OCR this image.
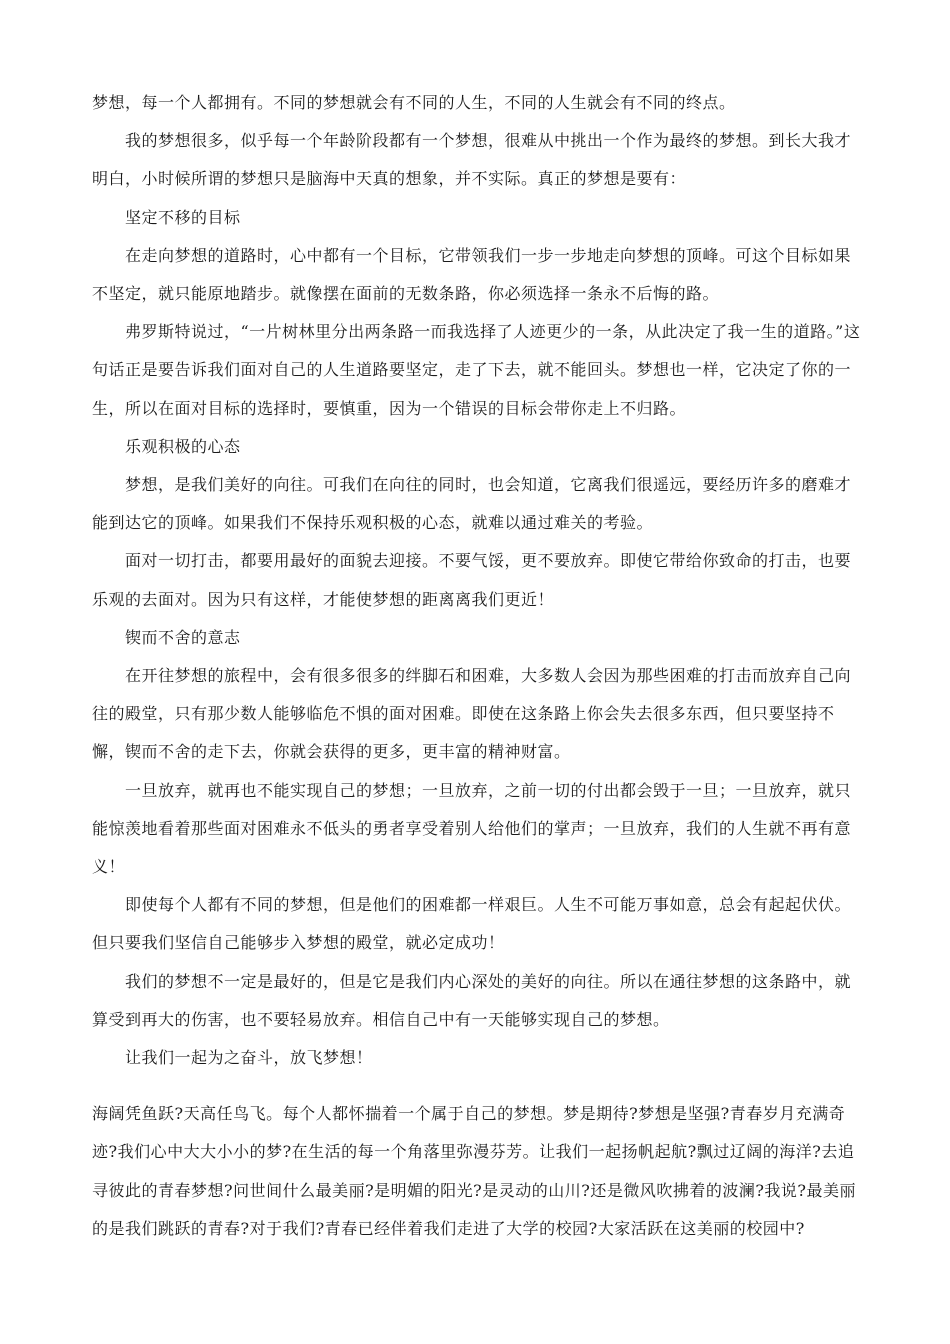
梦想，每一个人都拥有。不同的梦想就会有不同的人生，不同的人生就会有不同的终点。

我的梦想很多，似乎每一个年龄阶段都有一个梦想，很难从中挑出一个作为最终的梦想。到长大我才明白，小时候所谓的梦想只是脑海中天真的想象，并不实际。真正的梦想是要有：

坚定不移的目标

在走向梦想的道路时，心中都有一个目标，它带领我们一步一步地走向梦想的顶峰。可这个目标如果不坚定，就只能原地踏步。就像摆在面前的无数条路，你必须选择一条永不后悔的路。

弗罗斯特说过，“一片树林里分出两条路一而我选择了人迹更少的一条，从此决定了我一生的道路。”这句话正是要告诉我们面对自己的人生道路要坚定，走了下去，就不能回头。梦想也一样，它决定了你的一生，所以在面对目标的选择时，要慎重，因为一个错误的目标会带你走上不归路。

乐观积极的心态

梦想，是我们美好的向往。可我们在向往的同时，也会知道，它离我们很遥远，要经历许多的磨难才能到达它的顶峰。如果我们不保持乐观积极的心态，就难以通过难关的考验。

面对一切打击，都要用最好的面貌去迎接。不要气馁，更不要放弃。即使它带给你致命的打击，也要乐观的去面对。因为只有这样，才能使梦想的距离离我们更近！

锲而不舍的意志

在开往梦想的旅程中，会有很多很多的绊脚石和困难，大多数人会因为那些困难的打击而放弃自己向往的殿堂，只有那少数人能够临危不惧的面对困难。即使在这条路上你会失去很多东西，但只要坚持不懈，锲而不舍的走下去，你就会获得的更多，更丰富的精神财富。

一旦放弃，就再也不能实现自己的梦想；一旦放弃，之前一切的付出都会毁于一旦；一旦放弃，就只能惊羡地看着那些面对困难永不低头的勇者享受着别人给他们的掌声；一旦放弃，我们的人生就不再有意义！

即使每个人都有不同的梦想，但是他们的困难都一样艰巨。人生不可能万事如意，总会有起起伏伏。但只要我们坚信自己能够步入梦想的殿堂，就必定成功！

我们的梦想不一定是最好的，但是它是我们内心深处的美好的向往。所以在通往梦想的这条路中，就算受到再大的伤害，也不要轻易放弃。相信自己中有一天能够实现自己的梦想。

让我们一起为之奋斗，放飞梦想！

海阔凭鱼跃?天高任鸟飞。每个人都怀揣着一个属于自己的梦想。梦是期待?梦想是坚强?青春岁月充满奇迹?我们心中大大小小的梦?在生活的每一个角落里弥漫芬芳。让我们一起扬帆起航?飘过辽阔的海洋?去追寻彼此的青春梦想?问世间什么最美丽?是明媚的阳光?是灵动的山川?还是微风吹拂着的波澜?我说?最美丽的是我们跳跃的青春?对于我们?青春已经伴着我们走进了大学的校园?大家活跃在这美丽的校园中?
